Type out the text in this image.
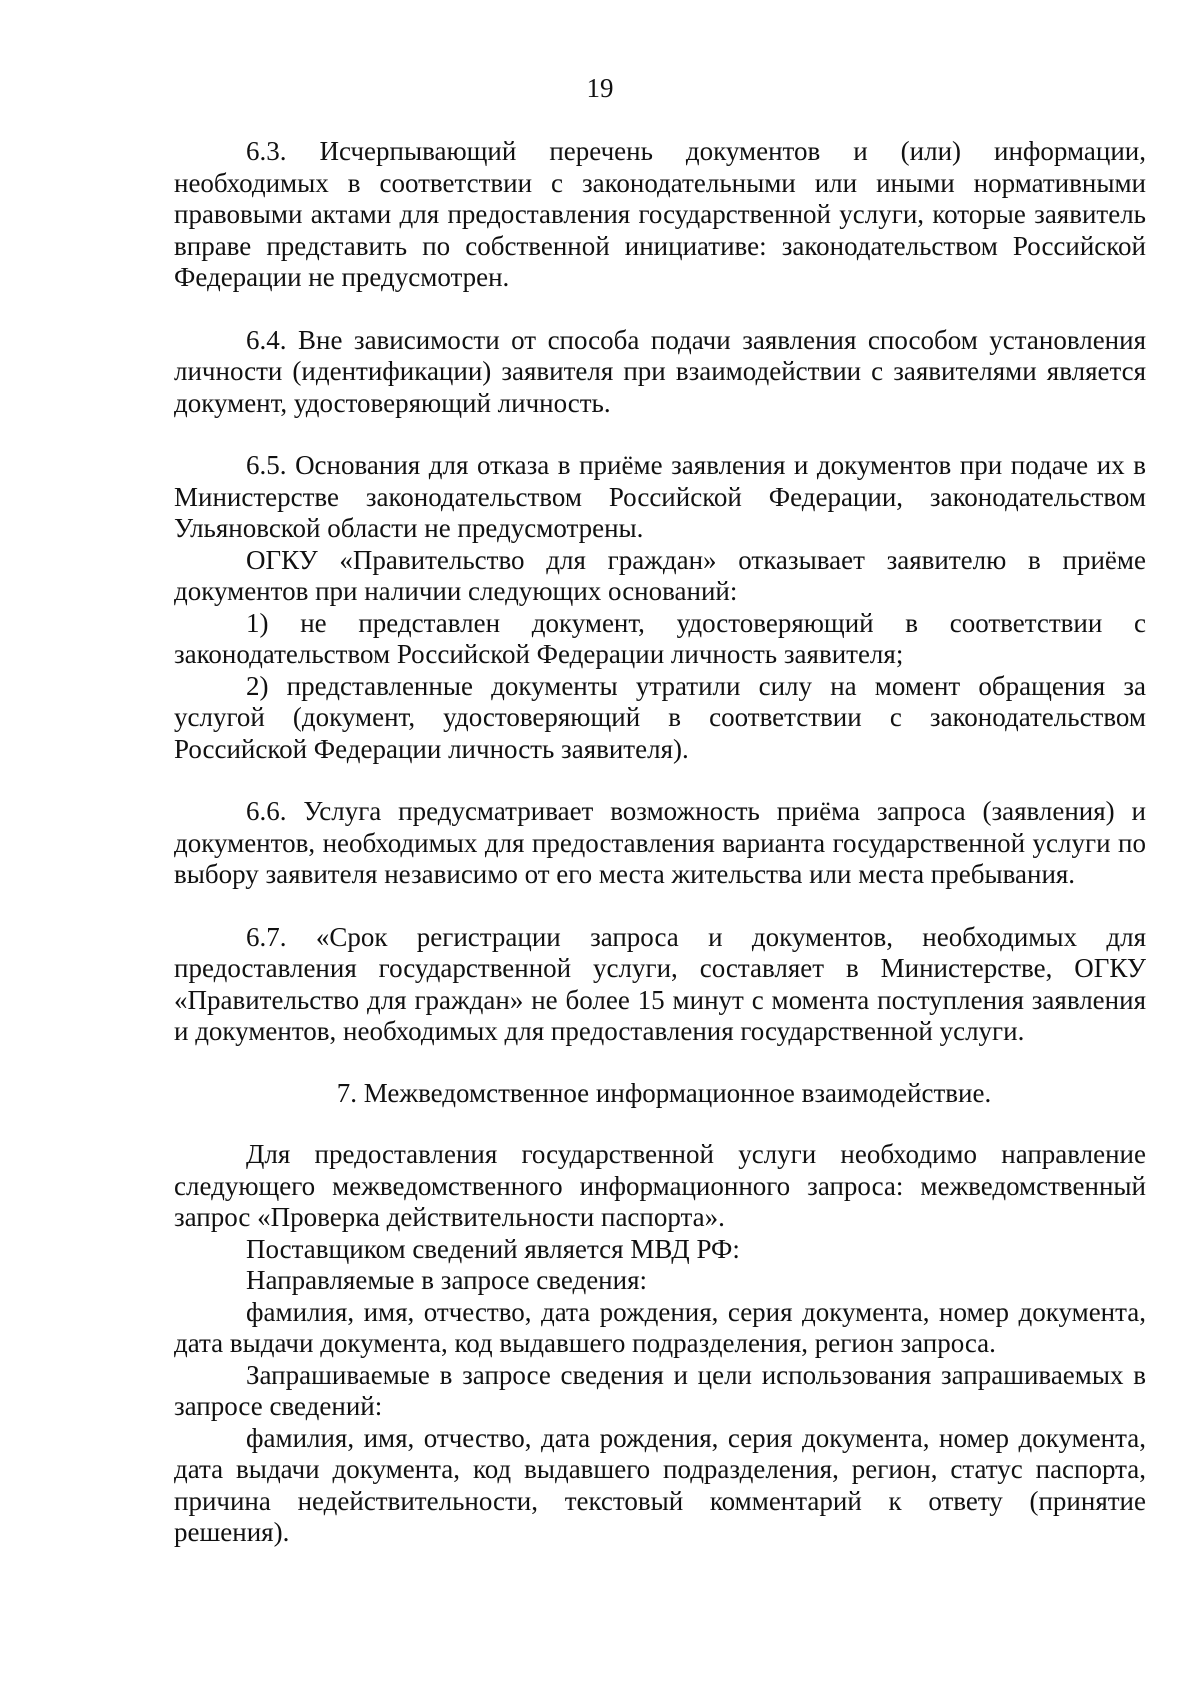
19

6.3. Исчерпывающий перечень документов и (или) информации, необходимых в соответствии с законодательными или иными нормативными правовыми актами для предоставления государственной услуги, которые заявитель вправе представить по собственной инициативе: законодательством Российской Федерации не предусмотрен.

6.4. Вне зависимости от способа подачи заявления способом установления личности (идентификации) заявителя при взаимодействии с заявителями является документ, удостоверяющий личность.

6.5. Основания для отказа в приёме заявления и документов при подаче их в Министерстве законодательством Российской Федерации, законодательством Ульяновской области не предусмотрены.

ОГКУ «Правительство для граждан» отказывает заявителю в приёме документов при наличии следующих оснований:

1) не представлен документ, удостоверяющий в соответствии с законодательством Российской Федерации личность заявителя;

2) представленные документы утратили силу на момент обращения за услугой (документ, удостоверяющий в соответствии с законодательством Российской Федерации личность заявителя).

6.6. Услуга предусматривает возможность приёма запроса (заявления) и документов, необходимых для предоставления варианта государственной услуги по выбору заявителя независимо от его места жительства или места пребывания.

6.7. «Срок регистрации запроса и документов, необходимых для предоставления государственной услуги, составляет в Министерстве, ОГКУ «Правительство для граждан» не более 15 минут с момента поступления заявления и документов, необходимых для предоставления государственной услуги.

7. Межведомственное информационное взаимодействие.

Для предоставления государственной услуги необходимо направление следующего межведомственного информационного запроса: межведомственный запрос «Проверка действительности паспорта».

Поставщиком сведений является МВД РФ:

Направляемые в запросе сведения:

фамилия, имя, отчество, дата рождения, серия документа, номер документа, дата выдачи документа, код выдавшего подразделения, регион запроса.

Запрашиваемые в запросе сведения и цели использования запрашиваемых в запросе сведений:

фамилия, имя, отчество, дата рождения, серия документа, номер документа, дата выдачи документа, код выдавшего подразделения, регион, статус паспорта, причина недействительности, текстовый комментарий к ответу (принятие решения).
